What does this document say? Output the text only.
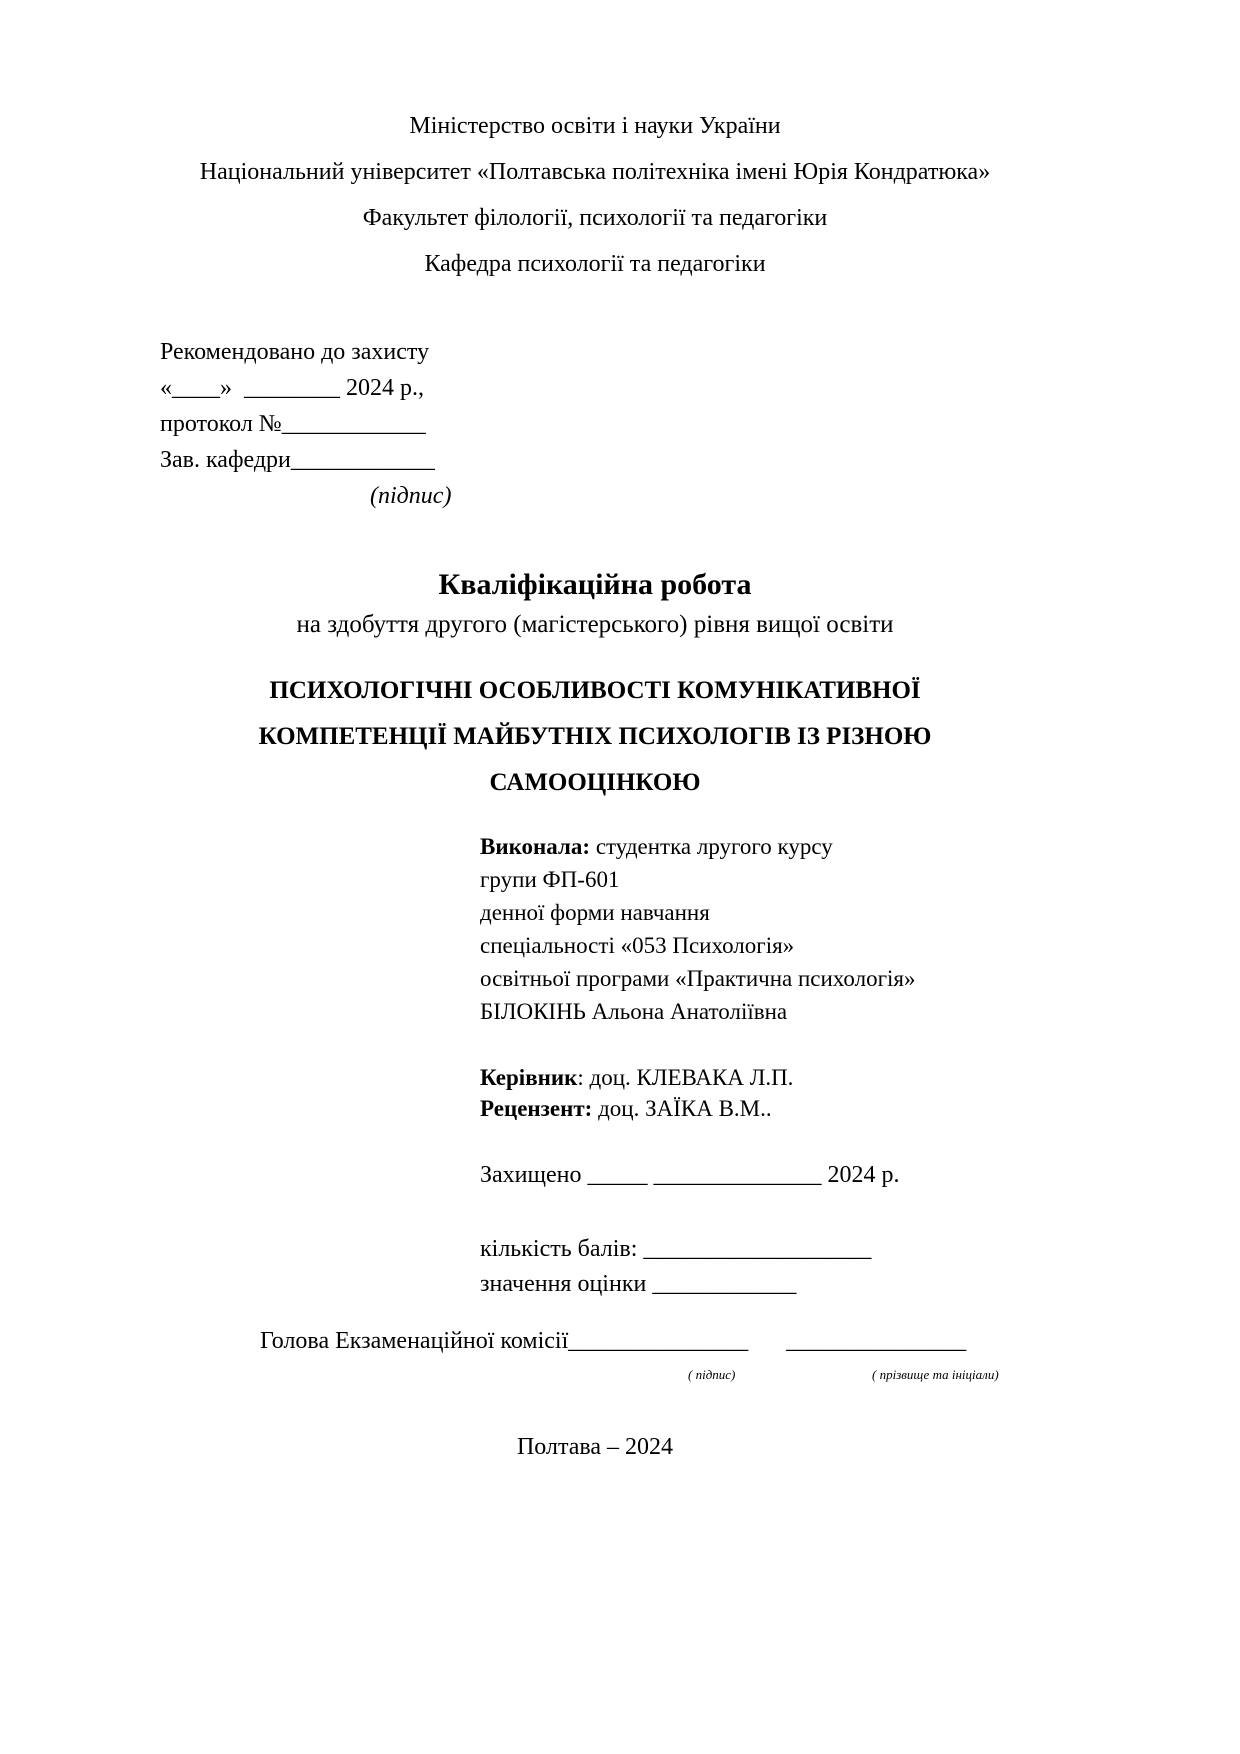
Міністерство освіти і науки України

Національний університет «Полтавська політехніка імені Юрія Кондратюка»

Факультет філології, психології та педагогіки

Кафедра психології та педагогіки

Рекомендовано до захисту

«____»  ________ 2024 р.,

протокол №____________

Зав. кафедри____________

(підпис)

Кваліфікаційна робота

на здобуття другого (магістерського) рівня вищої освіти

ПСИХОЛОГІЧНІ ОСОБЛИВОСТІ КОМУНІКАТИВНОЇ

КОМПЕТЕНЦІЇ МАЙБУТНІХ ПСИХОЛОГІВ ІЗ РІЗНОЮ

САМООЦІНКОЮ

Виконала: студентка лругого курсу

групи ФП-601

денної форми навчання

спеціальності «053 Психологія»

освітньої програми «Практична психологія»

БІЛОКІНЬ Альона Анатоліївна

Керівник: доц. КЛЕВАКА Л.П.

Рецензент: доц. ЗАЇКА В.М..

Захищено _____ ______________ 2024 р.

кількість балів: ___________________

значення оцінки ____________

Голова Екзаменаційної комісії_______________ _______________

( підпис)	( прізвище та ініціали)

Полтава – 2024
